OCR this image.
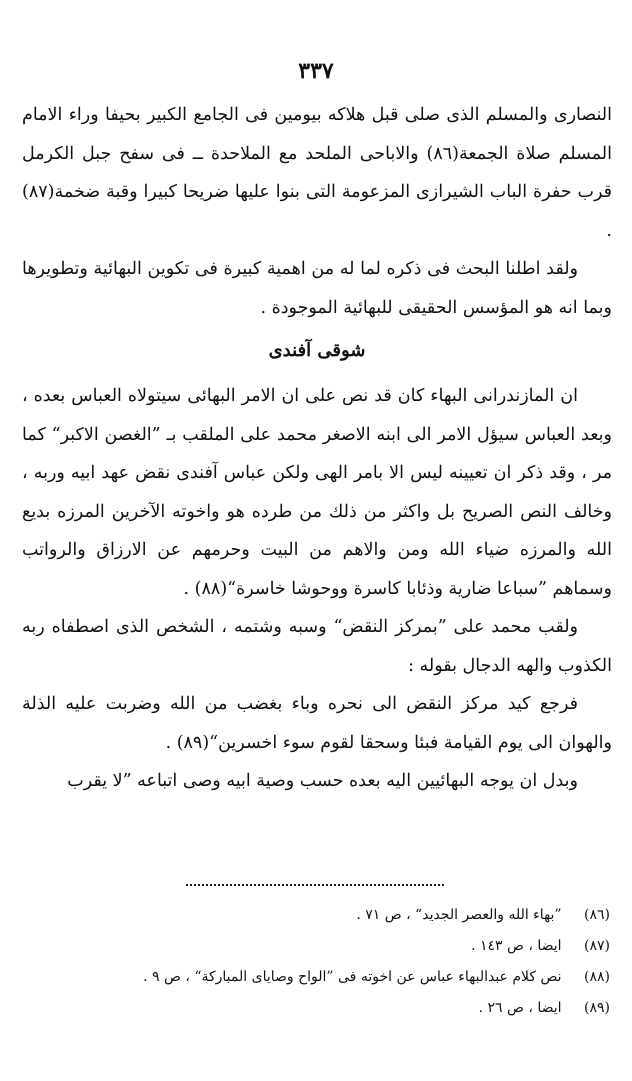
٣٣٧

النصارى والمسلم الذى صلى قبل هلاكه بيومين فى الجامع الكبير بحيفا وراء الامام المسلم صلاة الجمعة(٨٦) والاباحى الملحد مع الملاحدة ــ فى سفح جبل الكرمل قرب حفرة الباب الشيرازى المزعومة التى بنوا عليها ضريحا كبيرا وقبة ضخمة(٨٧) .

ولقد اطلنا البحث فى ذكره لما له من اهمية كبيرة فى تكوين البهائية وتطويرها وبما انه هو المؤسس الحقيقى للبهائية الموجودة .

شوقى آفندى

ان المازندرانى البهاء كان قد نص على ان الامر البهائى سيتولاه العباس بعده ، وبعد العباس سيؤل الامر الى ابنه الاصغر محمد على الملقب بـ ”الغصن الاكبر“ كما مر ، وقد ذكر ان تعيينه ليس الا بامر الهى ولكن عباس آفندى نقض عهد ابيه وربه ، وخالف النص الصريح بل واكثر من ذلك من طرده هو واخوته الآخرين المرزه بديع الله والمرزه ضياء الله ومن والاهم من البيت وحرمهم عن الارزاق والرواتب وسماهم ”سباعا ضارية وذئابا كاسرة ووحوشا خاسرة“(٨٨) .

ولقب محمد على ”بمركز النقض“ وسبه وشتمه ، الشخص الذى اصطفاه ربه الكذوب والهه الدجال بقوله :

فرجع كيد مركز النقض الى نحره وباء بغضب من الله وضربت عليه الذلة والهوان الى يوم القيامة فبئا وسحقا لقوم سوء اخسرين“(٨٩) .

وبدل ان يوجه البهائيين اليه بعده حسب وصية ابيه وصى اتباعه ”لا يقرب

(٨٦) ”بهاء الله والعصر الجديد“ ، ص ٧١ .
(٨٧) ايضا ، ص ١٤٣ .
(٨٨) نص كلام عبدالبهاء عباس عن اخوته فى ”الواح وصاياى المباركة“ ، ص ٩ .
(٨٩) ايضا ، ص ٢٦ .
